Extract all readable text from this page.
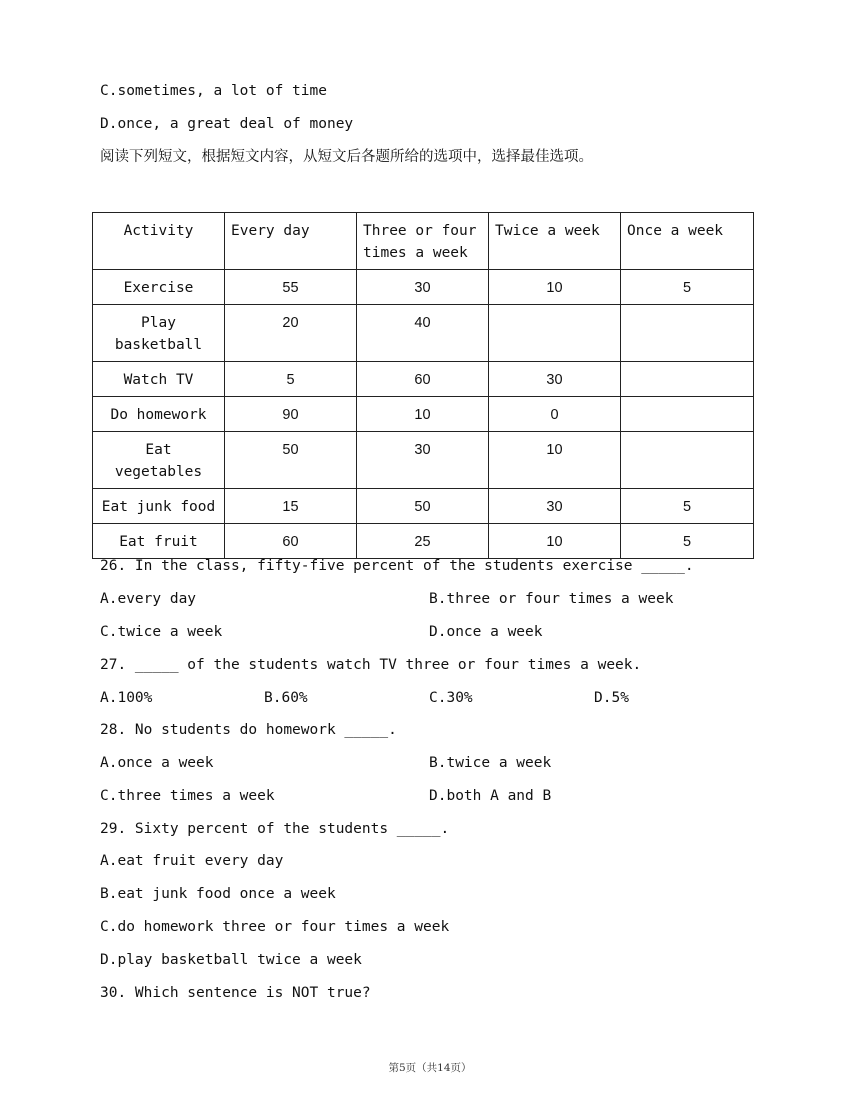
C.sometimes, a lot of time
D.once, a great deal of money
阅读下列短文，根据短文内容，从短文后各题所给的选项中，选择最佳选项。
Activity	Every day	Three or four times a week	Twice a week	Once a week
Exercise	55	30	10	5
Play basketball	20	40		
Watch TV	5	60	30	
Do homework	90	10	0	
Eat vegetables	50	30	10	
Eat junk food	15	50	30	5
Eat fruit	60	25	10	5
26. In the class, fifty-five percent of the students exercise _____.
A.every day	B.three or four times a week
C.twice a week	D.once a week
27. _____ of the students watch TV three or four times a week.
A.100%	B.60%	C.30%	D.5%
28. No students do homework _____.
A.once a week	B.twice a week
C.three times a week	D.both A and B
29. Sixty percent of the students _____.
A.eat fruit every day
B.eat junk food once a week
C.do homework three or four times a week
D.play basketball twice a week
30. Which sentence is NOT true?
第5页（共14页）
